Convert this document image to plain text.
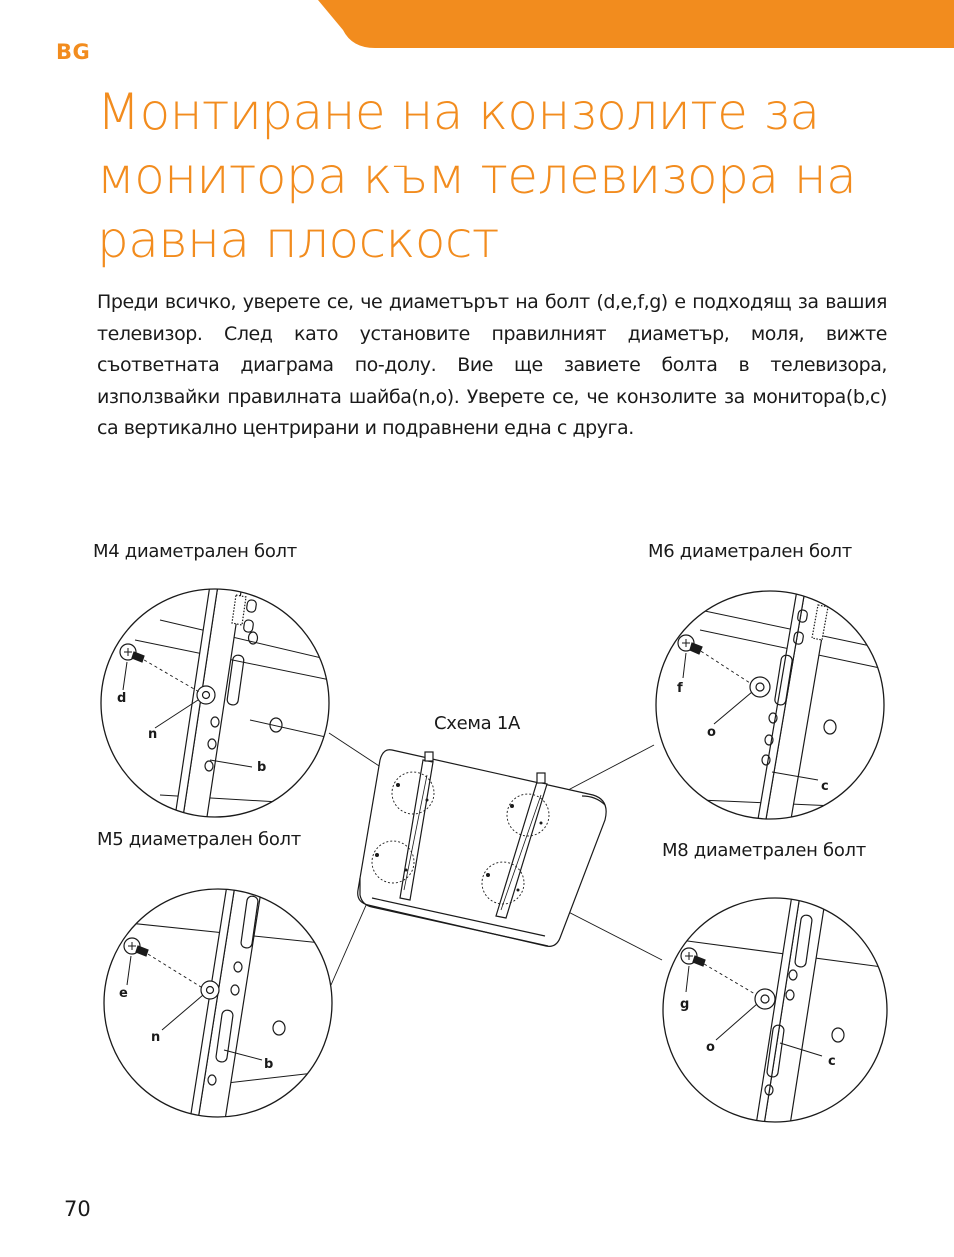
BG
Монтиране на конзолите за монитора към телевизора на равна плоскост

Преди всичко, уверете се, че диаметърът на болт (d,e,f,g) е подходящ за вашия телевизор. След като установите правилният диаметър, моля, вижте съответната диаграма по-долу. Вие ще завиете болта в телевизора, използвайки правилната шайба(n,o). Уверете се, че конзолите за монитора(b,c) са вертикално центрирани и подравнени една с друга.

M4 диаметрален болт	M6 диаметрален болт
M5 диаметрален болт
M8 диаметрален болт
Схема 1A
d
n
b
f
o
c
e
n
b
g
o
c
70
